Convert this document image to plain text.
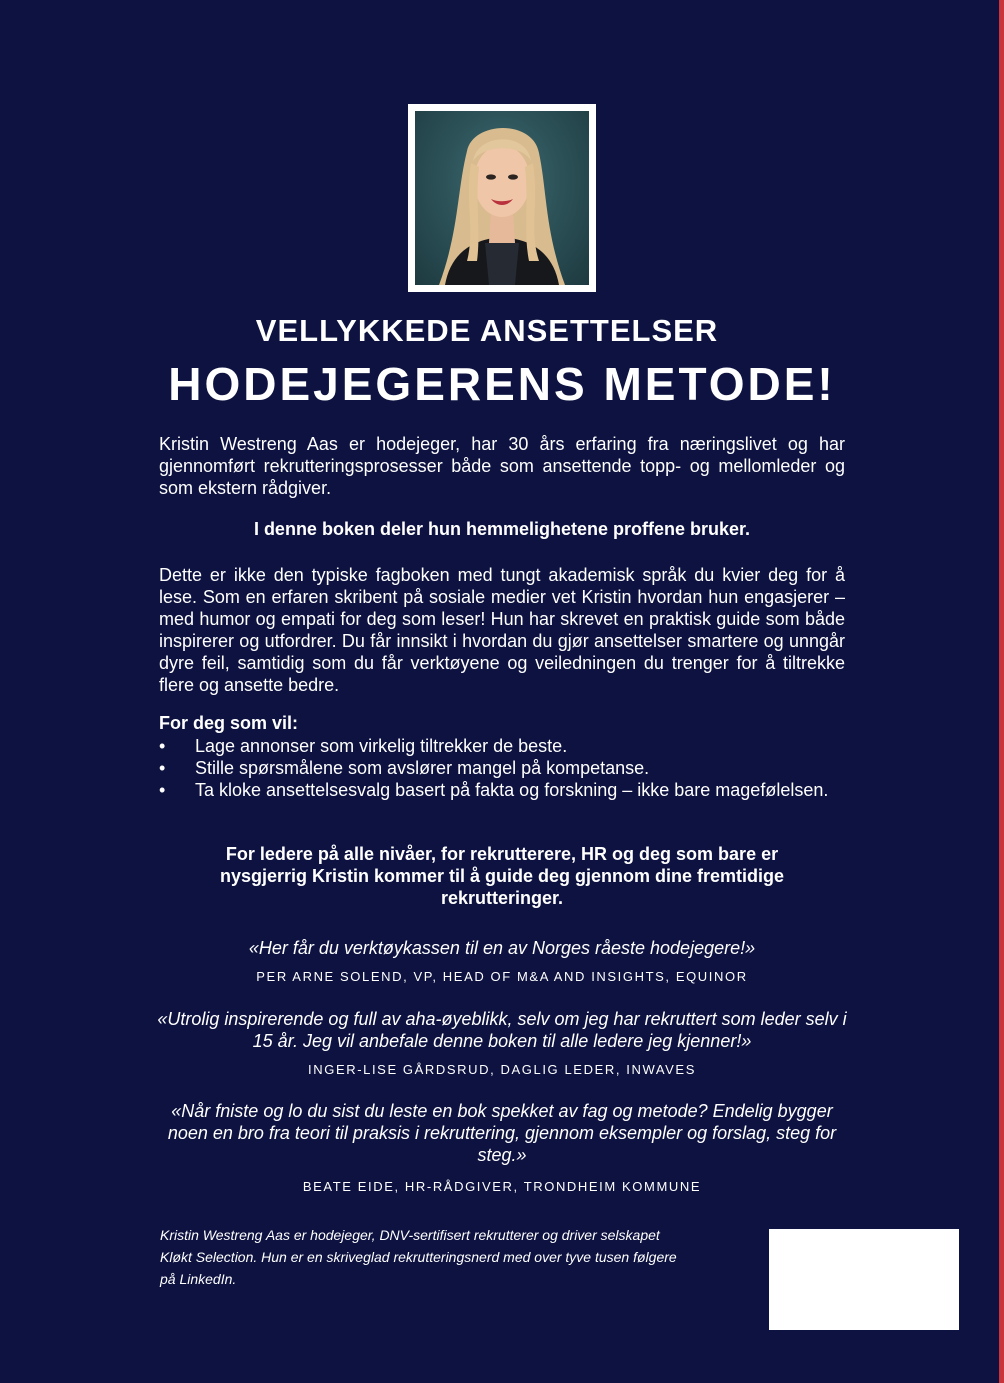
VELLYKKEDE ANSETTELSER
HODEJEGERENS METODE!

Kristin Westreng Aas er hodejeger, har 30 års erfaring fra næringslivet og har gjennomført rekrutteringsprosesser både som ansettende topp- og mellomleder og som ekstern rådgiver.

I denne boken deler hun hemmelighetene proffene bruker.

Dette er ikke den typiske fagboken med tungt akademisk språk du kvier deg for å lese. Som en erfaren skribent på sosiale medier vet Kristin hvordan hun engasjerer – med humor og empati for deg som leser! Hun har skrevet en praktisk guide som både inspirerer og utfordrer. Du får innsikt i hvordan du gjør ansettelser smartere og unngår dyre feil, samtidig som du får verktøyene og veiledningen du trenger for å tiltrekke flere og ansette bedre.

For deg som vil:

• Lage annonser som virkelig tiltrekker de beste.
• Stille spørsmålene som avslører mangel på kompetanse.
• Ta kloke ansettelsesvalg basert på fakta og forskning – ikke bare magefølelsen.

For ledere på alle nivåer, for rekrutterere, HR og deg som bare er nysgjerrig Kristin kommer til å guide deg gjennom dine fremtidige rekrutteringer.

«Her får du verktøykassen til en av Norges råeste hodejegere!»

PER ARNE SOLEND, VP, HEAD OF M&A AND INSIGHTS, EQUINOR

«Utrolig inspirerende og full av aha-øyeblikk, selv om jeg har rekruttert som leder selv i 15 år. Jeg vil anbefale denne boken til alle ledere jeg kjenner!»

INGER-LISE GÅRDSRUD, DAGLIG LEDER, INWAVES

«Når fniste og lo du sist du leste en bok spekket av fag og metode? Endelig bygger noen en bro fra teori til praksis i rekruttering, gjennom eksempler og forslag, steg for steg.»

BEATE EIDE, HR-RÅDGIVER, TRONDHEIM KOMMUNE

Kristin Westreng Aas er hodejeger, DNV-sertifisert rekrutterer og driver selskapet Kløkt Selection. Hun er en skriveglad rekrutteringsnerd med over tyve tusen følgere på LinkedIn.
